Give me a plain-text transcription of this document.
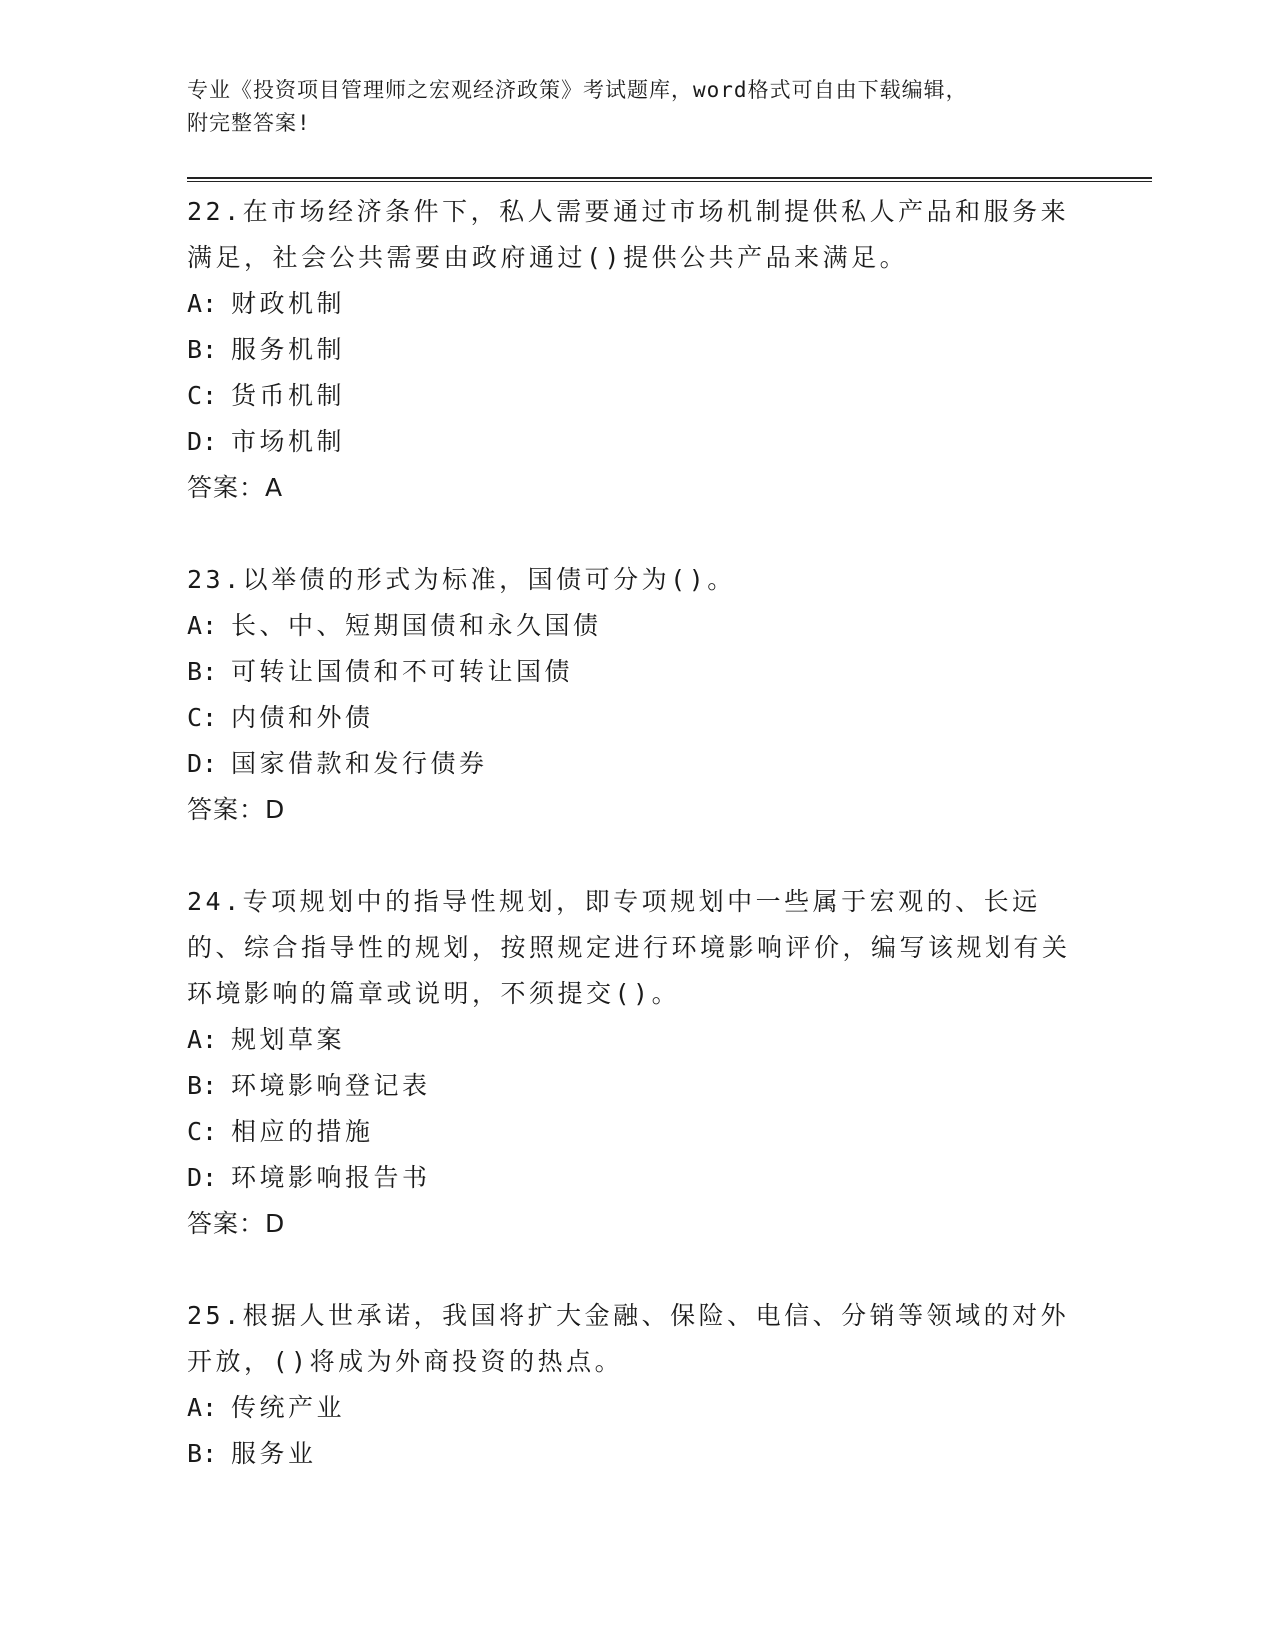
专业《投资项目管理师之宏观经济政策》考试题库，word格式可自由下载编辑，
附完整答案!

22.在市场经济条件下，私人需要通过市场机制提供私人产品和服务来满足，社会公共需要由政府通过()提供公共产品来满足。

A: 财政机制

B: 服务机制

C: 货币机制

D: 市场机制

答案：A

23.以举债的形式为标准，国债可分为()。

A: 长、中、短期国债和永久国债

B: 可转让国债和不可转让国债

C: 内债和外债

D: 国家借款和发行债券

答案：D

24.专项规划中的指导性规划，即专项规划中一些属于宏观的、长远的、综合指导性的规划，按照规定进行环境影响评价，编写该规划有关环境影响的篇章或说明，不须提交()。

A: 规划草案

B: 环境影响登记表

C: 相应的措施

D: 环境影响报告书

答案：D

25.根据人世承诺，我国将扩大金融、保险、电信、分销等领域的对外开放，()将成为外商投资的热点。

A: 传统产业

B: 服务业
